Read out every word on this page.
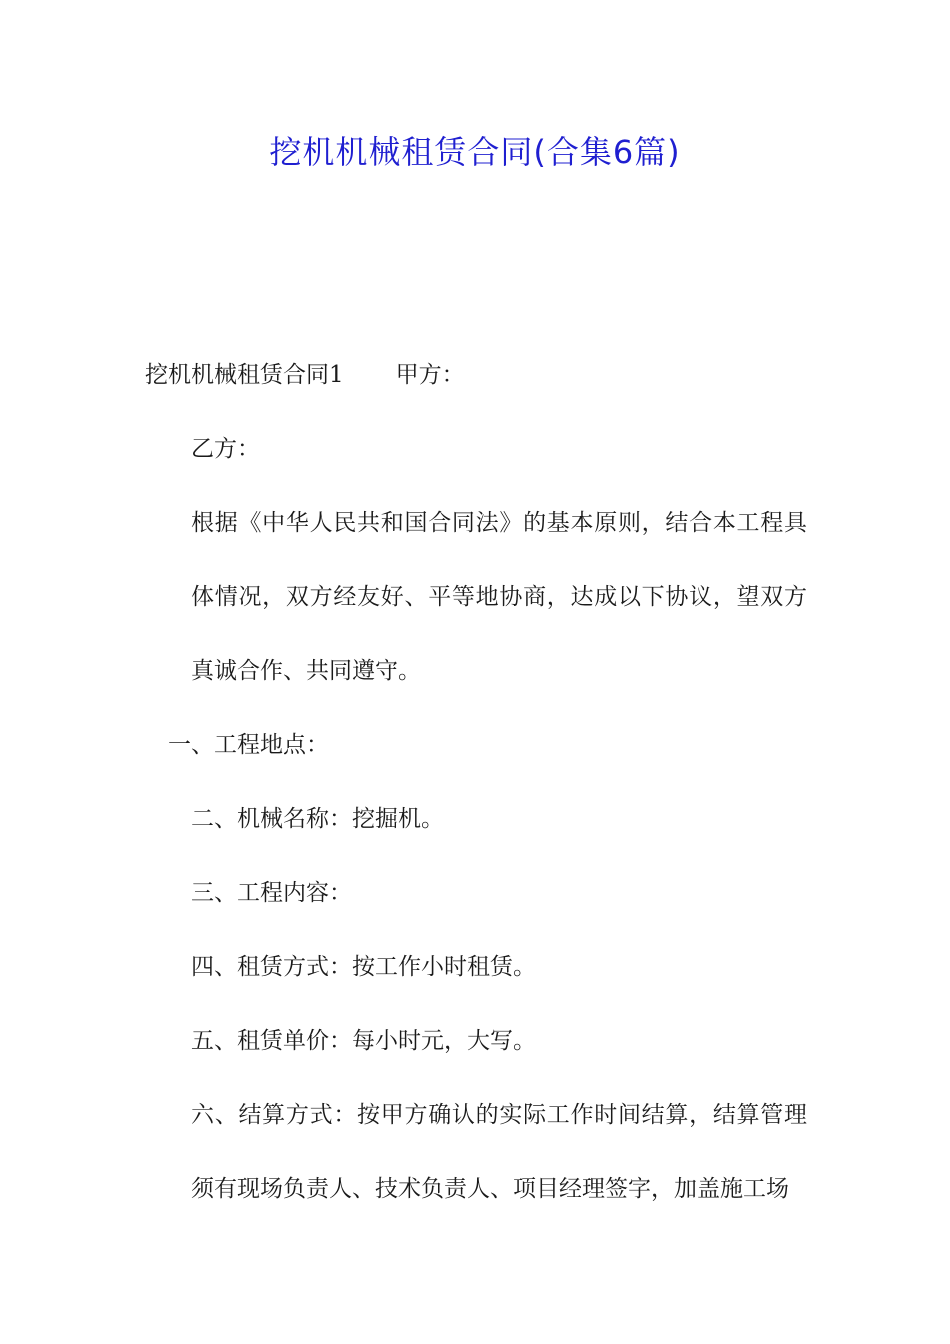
挖机机械租赁合同(合集6篇)

挖机机械租赁合同1 甲方：

乙方：

根据《中华人民共和国合同法》的基本原则，结合本工程具体情况，双方经友好、平等地协商，达成以下协议，望双方真诚合作、共同遵守。

一、工程地点：

二、机械名称：挖掘机。

三、工程内容：

四、租赁方式：按工作小时租赁。

五、租赁单价：每小时元，大写。

六、结算方式：按甲方确认的实际工作时间结算，结算管理须有现场负责人、技术负责人、项目经理签字，加盖施工场
